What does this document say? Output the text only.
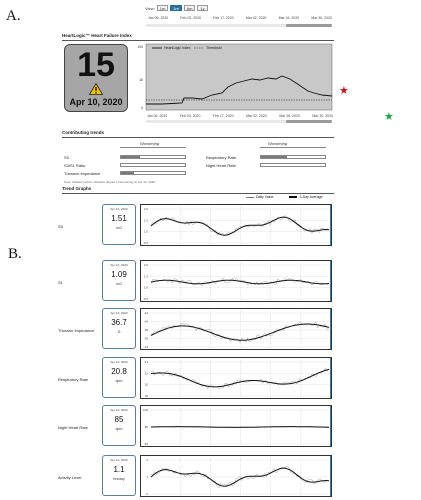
A.
B.
View:	1m	3m	6m	1y
Jan 06, 2020	Feb 03, 2020	Feb 17, 2020	Mar 02, 2020	Mar 16, 2020	Mar 30, 2020
HeartLogic™ Heart Failure Index
15
Apr 10, 2020
100
16
0
HeartLogic Index	Threshold
Jan 06, 2020	Feb 03, 2020	Feb 17, 2020	Mar 02, 2020	Mar 16, 2020	Mar 30, 2020
★
★
Contributing trends
Worsening	Worsening
S3
S3/S1 Ratio
Thoracic Impedance
Respiratory Rate
Night Heart Rate
Note: Shaded portion indicates degree of worsening on Apr 10, 2020
Trend Graphs
Daily Value	3-Day Average
S3
Apr 10, 2020
1.51
mG
2.0
1.5
1.0
0.5
S1
Apr 10, 2020
1.09
mG
2.0
1.5
1.0
0.5
Thoracic Impedance
Apr 10, 2020
36.7
Ω
42
40
38
36
34
Respiratory Rate
Apr 10, 2020
20.8
bpm
24
22
20
18
Night Heart Rate
Apr 10, 2020
85
bpm
100
80
60
Activity Level
Apr 10, 2020
1.1
hrs/day
2
1
0
